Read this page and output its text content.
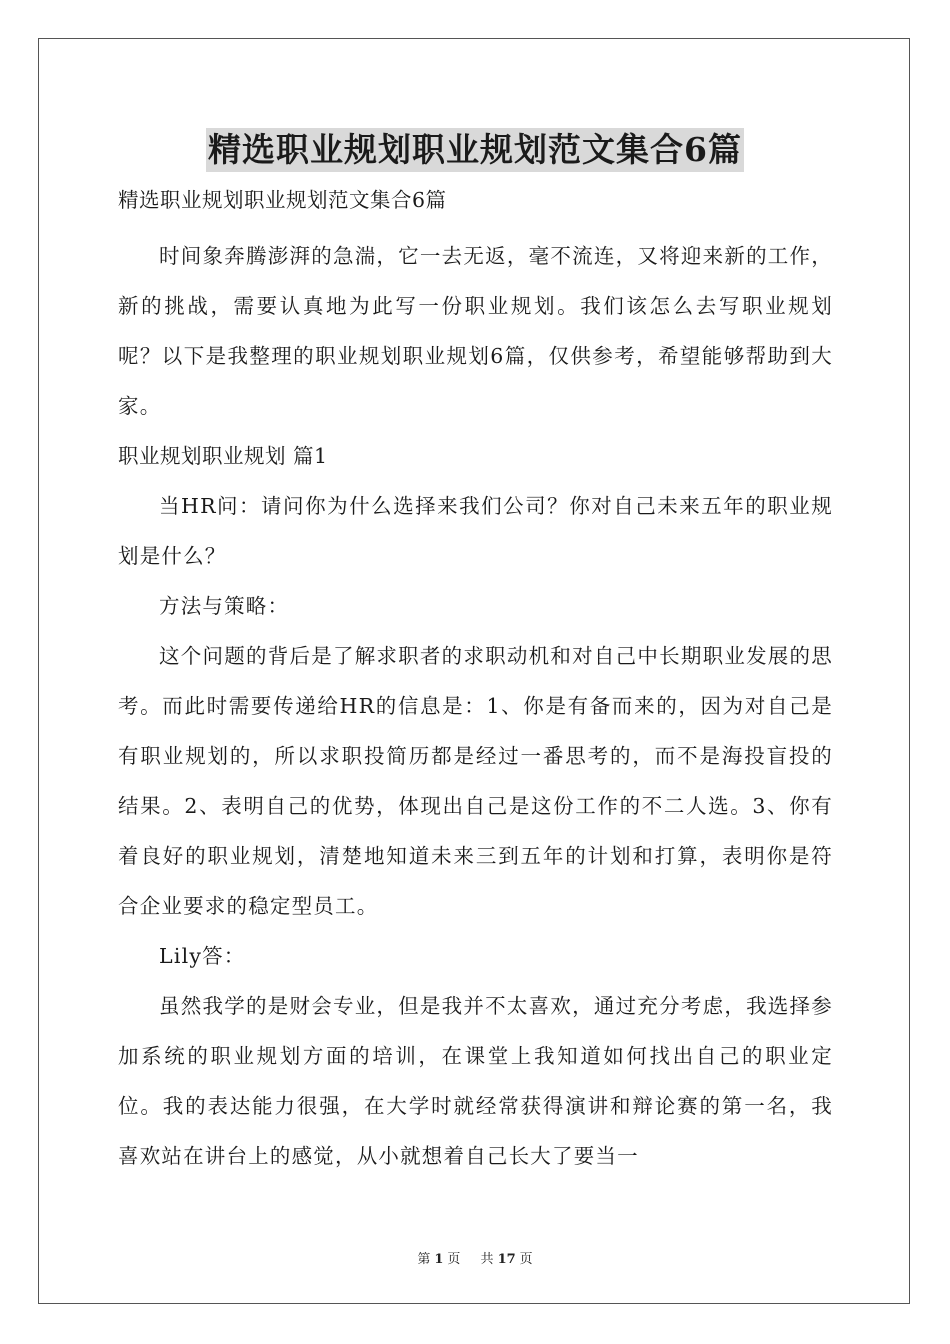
精选职业规划职业规划范文集合6篇

精选职业规划职业规划范文集合6篇

时间象奔腾澎湃的急湍，它一去无返，毫不流连，又将迎来新的工作，新的挑战，需要认真地为此写一份职业规划。我们该怎么去写职业规划呢？以下是我整理的职业规划职业规划6篇，仅供参考，希望能够帮助到大家。

职业规划职业规划 篇1

当HR问：请问你为什么选择来我们公司？你对自己未来五年的职业规划是什么？

方法与策略：

这个问题的背后是了解求职者的求职动机和对自己中长期职业发展的思考。而此时需要传递给HR的信息是：1、你是有备而来的，因为对自己是有职业规划的，所以求职投简历都是经过一番思考的，而不是海投盲投的结果。2、表明自己的优势，体现出自己是这份工作的不二人选。3、你有着良好的职业规划，清楚地知道未来三到五年的计划和打算，表明你是符合企业要求的稳定型员工。

Lily答：

虽然我学的是财会专业，但是我并不太喜欢，通过充分考虑，我选择参加系统的职业规划方面的培训，在课堂上我知道如何找出自己的职业定位。我的表达能力很强，在大学时就经常获得演讲和辩论赛的第一名，我喜欢站在讲台上的感觉，从小就想着自己长大了要当一

第 1 页 共 17 页
